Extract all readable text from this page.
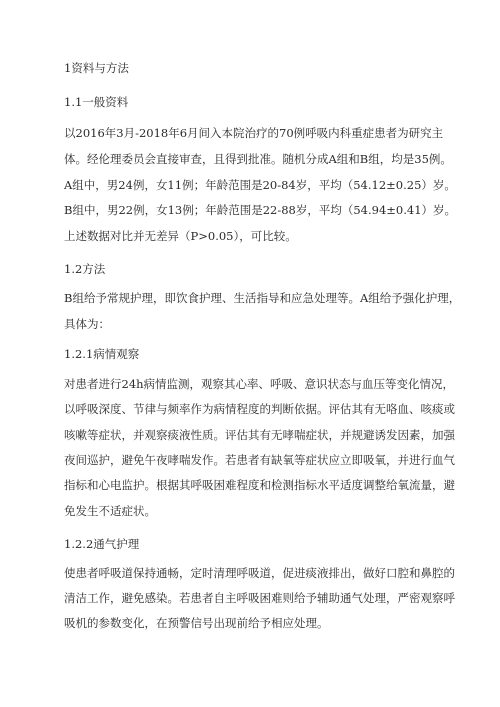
1资料与方法
1.1一般资料
以2016年3月-2018年6月间入本院治疗的70例呼吸内科重症患者为研究主
体。经伦理委员会直接审查，且得到批准。随机分成A组和B组，均是35例。
A组中，男24例，女11例；年龄范围是20-84岁，平均（54.12±0.25）岁。
B组中，男22例，女13例；年龄范围是22-88岁，平均（54.94±0.41）岁。
上述数据对比并无差异（P>0.05），可比较。
1.2方法
B组给予常规护理，即饮食护理、生活指导和应急处理等。A组给予强化护理，
具体为：
1.2.1病情观察
对患者进行24h病情监测，观察其心率、呼吸、意识状态与血压等变化情况，
以呼吸深度、节律与频率作为病情程度的判断依据。评估其有无咯血、咳痰或
咳嗽等症状，并观察痰液性质。评估其有无哮喘症状，并规避诱发因素，加强
夜间巡护，避免午夜哮喘发作。若患者有缺氧等症状应立即吸氧，并进行血气
指标和心电监护。根据其呼吸困难程度和检测指标水平适度调整给氧流量，避
免发生不适症状。
1.2.2通气护理
使患者呼吸道保持通畅，定时清理呼吸道，促进痰液排出，做好口腔和鼻腔的
清洁工作，避免感染。若患者自主呼吸困难则给予辅助通气处理，严密观察呼
吸机的参数变化，在预警信号出现前给予相应处理。
